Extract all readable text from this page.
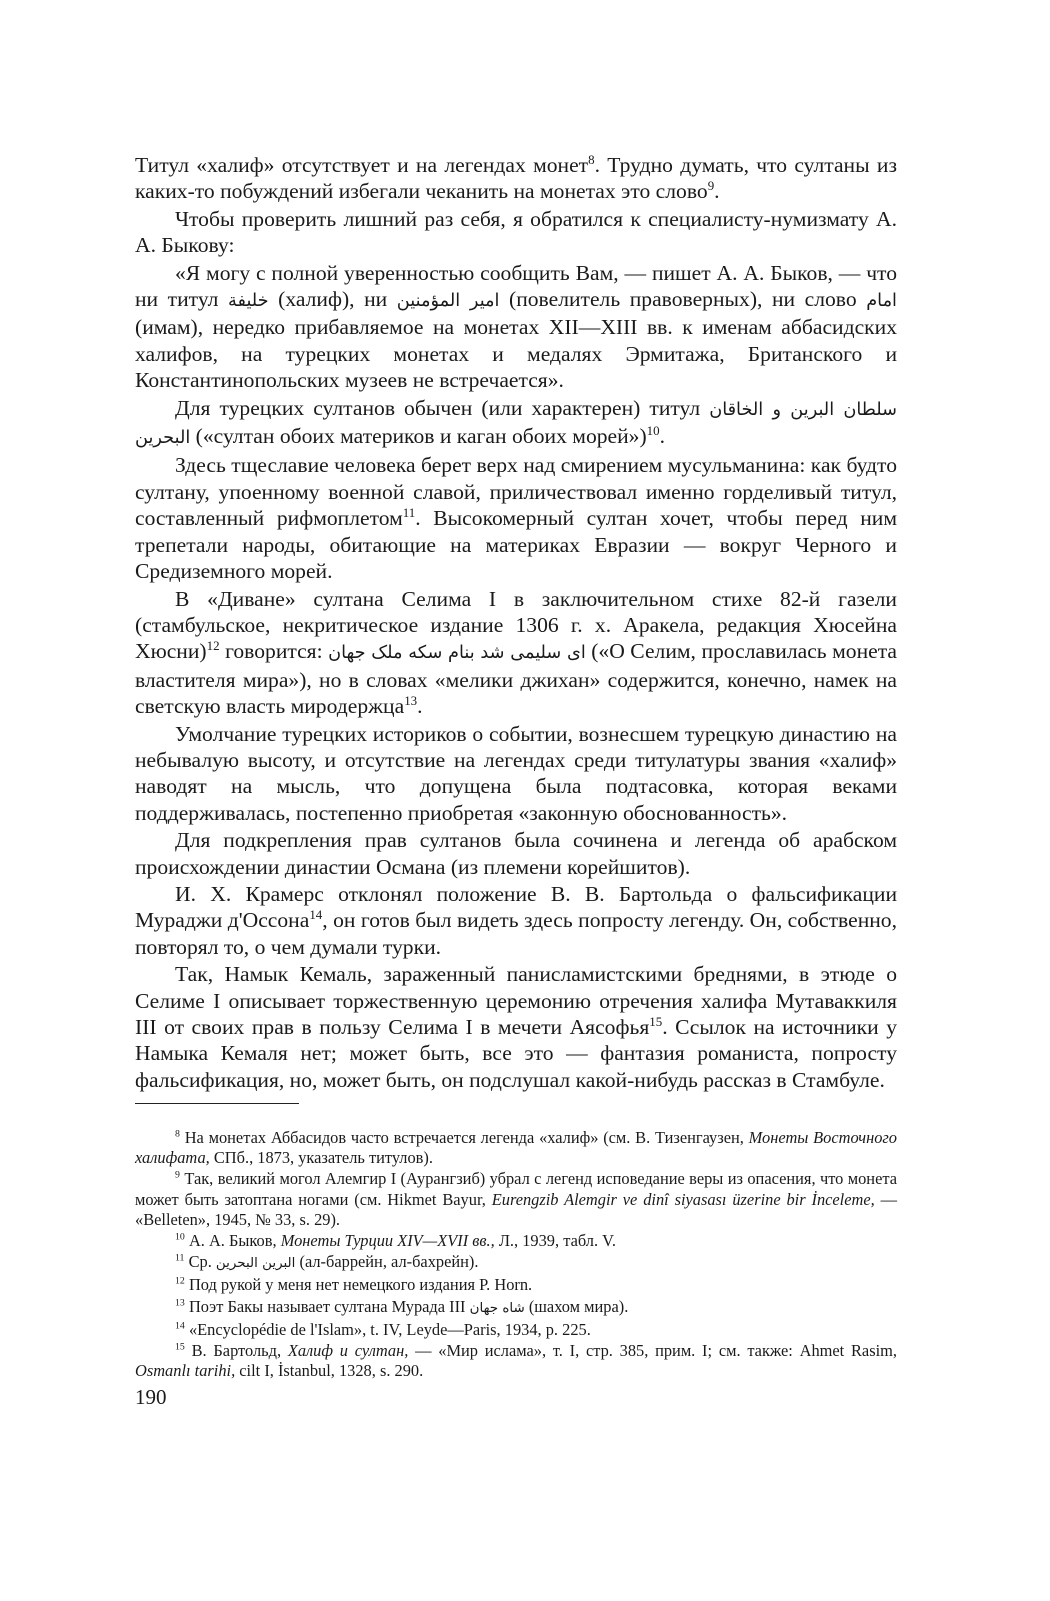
Титул «халиф» отсутствует и на легендах монет$^8$. Трудно думать, что султаны из каких-то побуждений избегали чеканить на монетах это слово$^9$.

Чтобы проверить лишний раз себя, я обратился к специалисту-нумизмату А. А. Быкову:

«Я могу с полной уверенностью сообщить Вам, — пишет А. А. Быков, — что ни титул خليفة (халиф), ни امیر المؤمنین (повелитель правоверных), ни слово امام (имам), нередко прибавляемое на монетах XII—XIII вв. к именам аббасидских халифов, на турецких монетах и медалях Эрмитажа, Британского и Константинопольских музеев не встречается».

Для турецких султанов обычен (или характерен) титул سلطان البرين و الخاقان البحرين («султан обоих материков и каган обоих морей»)$^{10}$.

Здесь тщеславие человека берет верх над смирением мусульманина: как будто султану, упоенному военной славой, приличествовал именно горделивый титул, составленный рифмоплетом$^{11}$. Высокомерный султан хочет, чтобы перед ним трепетали народы, обитающие на материках Евразии — вокруг Черного и Средиземного морей.

В «Диване» султана Селима I в заключительном стихе 82-й газели (стамбульское, некритическое издание 1306 г. х. Аракела, редакция Хюсейна Хюсни)$^{12}$ говорится: ای سلیمی شد بنام سکه ملک جهان («О Селим, прославилась монета властителя мира»), но в словах «мелики джихан» содержится, конечно, намек на светскую власть миродержца$^{13}$.

Умолчание турецких историков о событии, вознесшем турецкую династию на небывалую высоту, и отсутствие на легендах среди титулатуры звания «халиф» наводят на мысль, что допущена была подтасовка, которая веками поддерживалась, постепенно приобретая «законную обоснованность».

Для подкрепления прав султанов была сочинена и легенда об арабском происхождении династии Османа (из племени корейшитов).

И. Х. Крамерс отклонял положение В. В. Бартольда о фальсификации Мураджи д'Оссона$^{14}$, он готов был видеть здесь попросту легенду. Он, собственно, повторял то, о чем думали турки.

Так, Намык Кемаль, зараженный панисламистскими бреднями, в этюде о Селиме I описывает торжественную церемонию отречения халифа Мутаваккиля III от своих прав в пользу Селима I в мечети Аясофья$^{15}$. Ссылок на источники у Намыка Кемаля нет; может быть, все это — фантазия романиста, попросту фальсификация, но, может быть, он подслушал какой-нибудь рассказ в Стамбуле.

$^8$ На монетах Аббасидов часто встречается легенда «халиф» (см. В. Тизенгаузен, Монеты Восточного халифата, СПб., 1873, указатель титулов).

$^9$ Так, великий могол Алемгир I (Аурангзиб) убрал с легенд исповедание веры из опасения, что монета может быть затоптана ногами (см. Hikmet Bayur, Eurengzib Alemgir ve dinî siyasası üzerine bir İnceleme, — «Belleten», 1945, № 33, s. 29).

$^{10}$ А. А. Быков, Монеты Турции XIV—XVII вв., Л., 1939, табл. V.

$^{11}$ Ср. البرين البحرين (ал-баррейн, ал-бахрейн).

$^{12}$ Под рукой у меня нет немецкого издания Р. Horn.

$^{13}$ Поэт Бакы называет султана Мурада III شاه جهان (шахом мира).

$^{14}$ «Encyclopédie de l'Islam», t. IV, Leyde—Paris, 1934, p. 225.

$^{15}$ В. Бартольд, Халиф и султан, — «Мир ислама», т. I, стр. 385, прим. I; см. также: Ahmet Rasim, Osmanlı tarihi, cilt I, İstanbul, 1328, s. 290.

190
